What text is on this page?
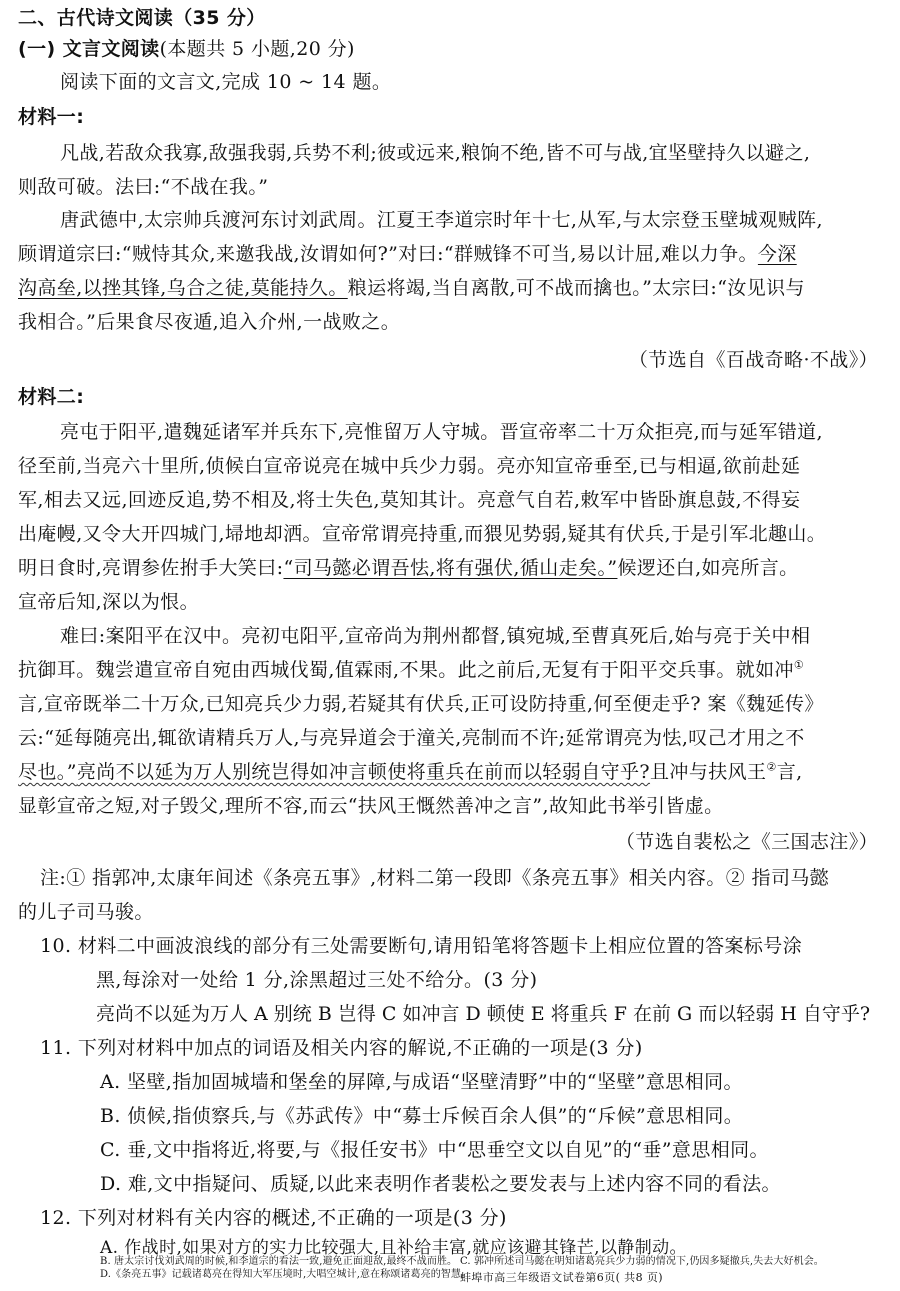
二、古代诗文阅读（35 分）
(一) 文言文阅读(本题共 5 小题,20 分)
阅读下面的文言文,完成 10 ~ 14 题。
材料一:
凡战,若敌众我寡,敌强我弱,兵势不利;彼或远来,粮饷不绝,皆不可与战,宜坚壁持久以避之,
则敌可破。法曰:“不战在我。”
唐武德中,太宗帅兵渡河东讨刘武周。江夏王李道宗时年十七,从军,与太宗登玉壁城观贼阵,
顾谓道宗曰:“贼恃其众,来邀我战,汝谓如何?”对曰:“群贼锋不可当,易以计屈,难以力争。今深
沟高垒,以挫其锋,乌合之徒,莫能持久。粮运将竭,当自离散,可不战而擒也。”太宗曰:“汝见识与
我相合。”后果食尽夜遁,追入介州,一战败之。
（节选自《百战奇略·不战》）
材料二:
亮屯于阳平,遣魏延诸军并兵东下,亮惟留万人守城。晋宣帝率二十万众拒亮,而与延军错道,
径至前,当亮六十里所,侦候白宣帝说亮在城中兵少力弱。亮亦知宣帝垂至,已与相逼,欲前赴延
军,相去又远,回迹反追,势不相及,将士失色,莫知其计。亮意气自若,敕军中皆卧旗息鼓,不得妄
出庵幔,又令大开四城门,埽地却洒。宣帝常谓亮持重,而猥见势弱,疑其有伏兵,于是引军北趣山。
明日食时,亮谓参佐拊手大笑曰:“司马懿必谓吾怯,将有强伏,循山走矣。”候逻还白,如亮所言。
宣帝后知,深以为恨。
难曰:案阳平在汉中。亮初屯阳平,宣帝尚为荆州都督,镇宛城,至曹真死后,始与亮于关中相
抗御耳。魏尝遣宣帝自宛由西城伐蜀,值霖雨,不果。此之前后,无复有于阳平交兵事。就如冲①
言,宣帝既举二十万众,已知亮兵少力弱,若疑其有伏兵,正可设防持重,何至便走乎? 案《魏延传》
云:“延每随亮出,辄欲请精兵万人,与亮异道会于潼关,亮制而不许;延常谓亮为怯,叹己才用之不
尽也。”亮尚不以延为万人别统岂得如冲言顿使将重兵在前而以轻弱自守乎?且冲与扶风王②言,
显彰宣帝之短,对子毁父,理所不容,而云“扶风王慨然善冲之言”,故知此书举引皆虚。
（节选自裴松之《三国志注》）
注:① 指郭冲,太康年间述《条亮五事》,材料二第一段即《条亮五事》相关内容。② 指司马懿
的儿子司马骏。
10. 材料二中画波浪线的部分有三处需要断句,请用铅笔将答题卡上相应位置的答案标号涂
黑,每涂对一处给 1 分,涂黑超过三处不给分。(3 分)
亮尚不以延为万人 A 别统 B 岂得 C 如冲言 D 顿使 E 将重兵 F 在前 G 而以轻弱 H 自守乎?
11. 下列对材料中加点的词语及相关内容的解说,不正确的一项是(3 分)
A. 坚壁,指加固城墙和堡垒的屏障,与成语“坚壁清野”中的“坚壁”意思相同。
B. 侦候,指侦察兵,与《苏武传》中“募士斥候百余人俱”的“斥候”意思相同。
C. 垂,文中指将近,将要,与《报任安书》中“思垂空文以自见”的“垂”意思相同。
D. 难,文中指疑问、质疑,以此来表明作者裴松之要发表与上述内容不同的看法。
12. 下列对材料有关内容的概述,不正确的一项是(3 分)
A. 作战时,如果对方的实力比较强大,且补给丰富,就应该避其锋芒,以静制动。
B. 唐太宗讨伐刘武周的时候,和李道宗的看法一致,避免正面迎敌,最终不战而胜。 C. 郭冲所述司马懿在明知诸葛亮兵少力弱的情况下,仍因多疑撤兵,失去大好机会。
D.《条亮五事》记载诸葛亮在得知大军压境时,大唱空城计,意在称颂诸葛亮的智慧。
蚌埠市高三年级语文试卷第6页( 共8 页)
